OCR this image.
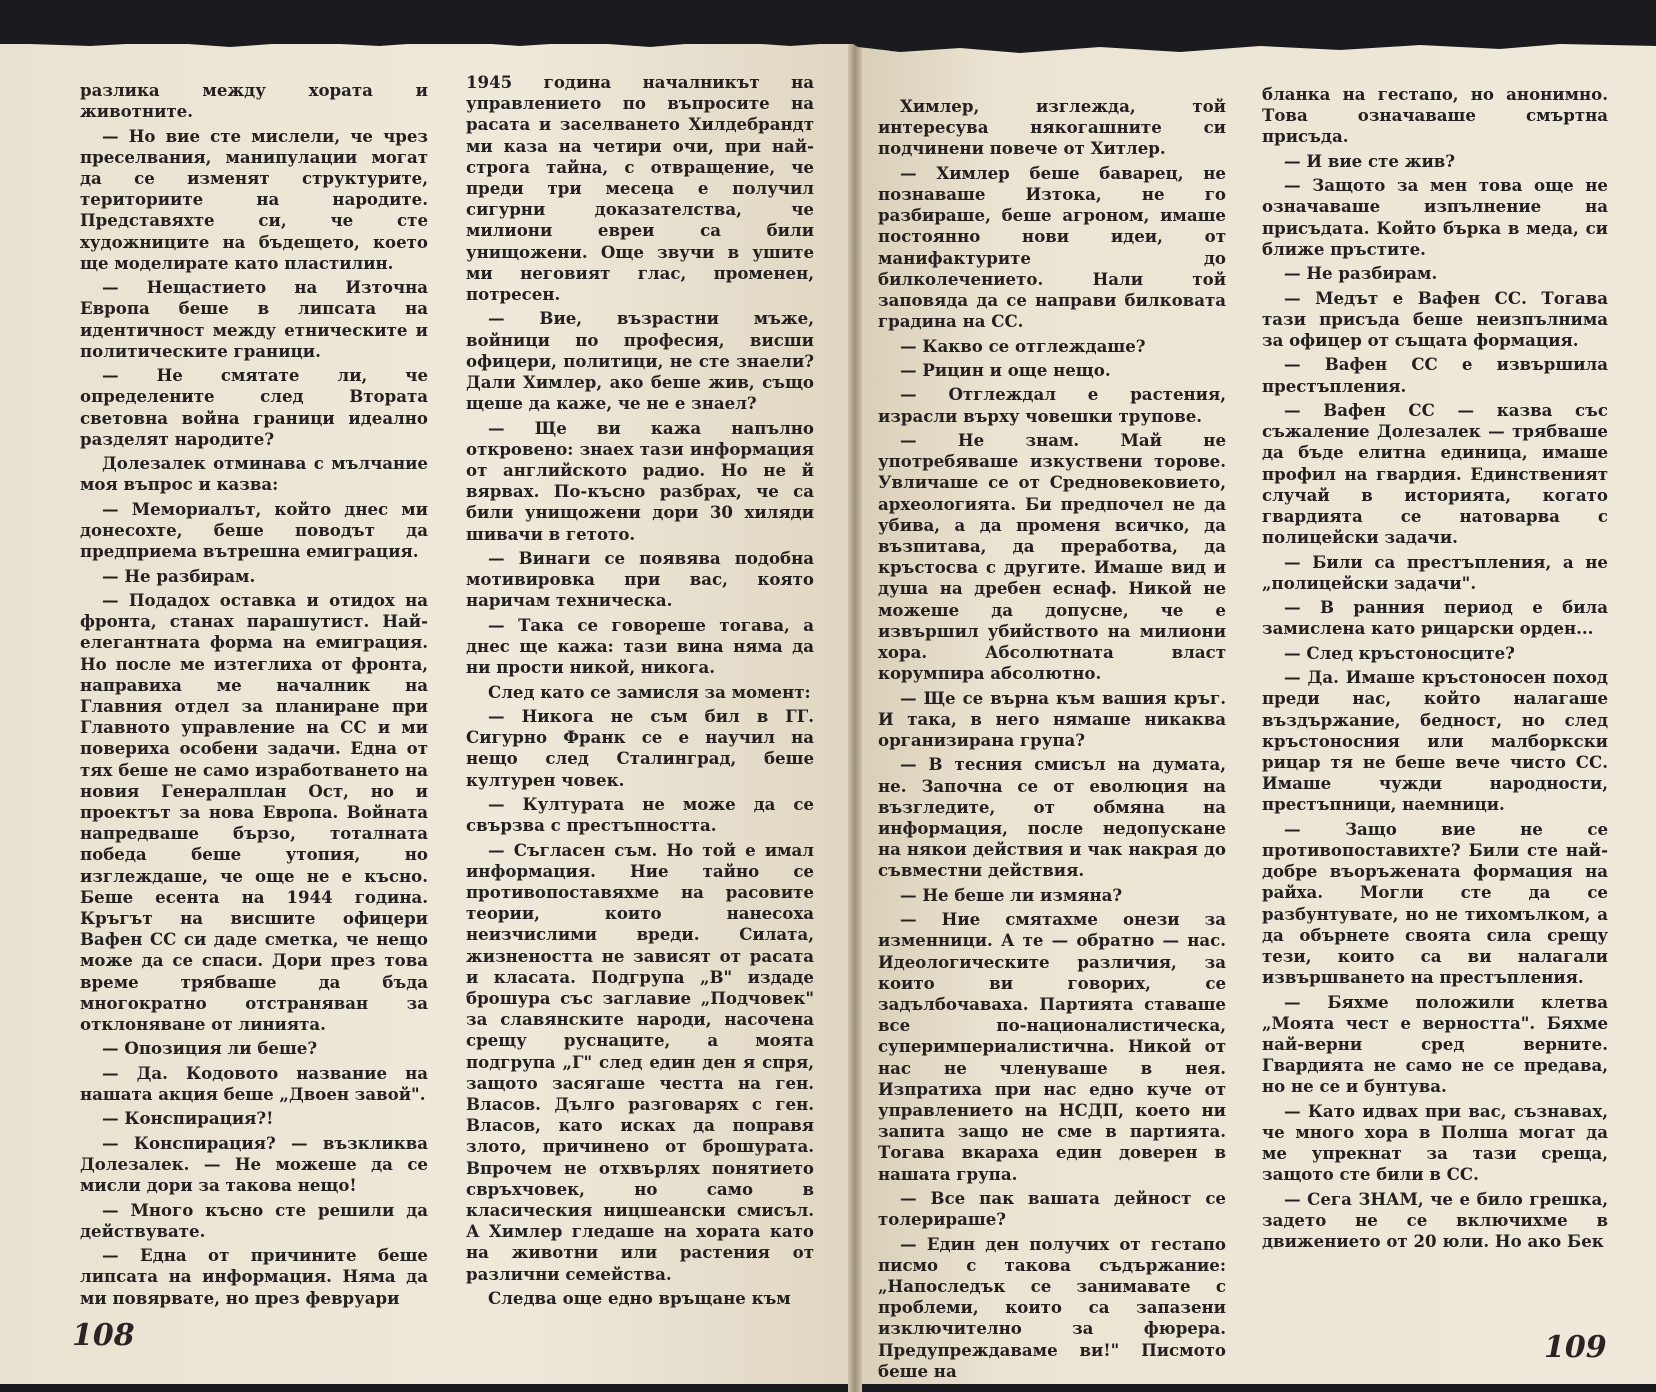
разлика между хората и животните.

— Но вие сте мислели, че чрез преселвания, манипулации могат да се изменят структурите, териториите на народите. Представяхте си, че сте художниците на бъдещето, което ще моделирате като пластилин.

— Нещастието на Източна Европа беше в липсата на идентичност между етническите и политическите граници.

— Не смятате ли, че определените след Втората световна война граници идеално разделят народите?

Долезалек отминава с мълчание моя въпрос и казва:

— Мемориалът, който днес ми донесохте, беше поводът да предприема вътрешна емиграция.

— Не разбирам.

— Подадох оставка и отидох на фронта, станах парашутист. Най-елегантната форма на емиграция. Но после ме изтеглиха от фронта, направиха ме началник на Главния отдел за планиране при Главното управление на СС и ми повериха особени задачи. Една от тях беше не само изработването на новия Генералплан Ост, но и проектът за нова Европа. Войната напредваше бързо, тоталната победа беше утопия, но изглеждаше, че още не е късно. Беше есента на 1944 година. Кръгът на висшите офицери Вафен СС си даде сметка, че нещо може да се спаси. Дори през това време трябваше да бъда многократно отстраняван за отклоняване от линията.

— Опозиция ли беше?

— Да. Кодовото название на нашата акция беше „Двоен завой".

— Конспирация?!

— Конспирация? — възкликва Долезалек. — Не можеше да се мисли дори за такова нещо!

— Много късно сте решили да действувате.

— Една от причините беше липсата на информация. Няма да ми повярвате, но през февруари

1945 година началникът на управлението по въпросите на расата и заселването Хилдебрандт ми каза на четири очи, при най-строга тайна, с отвращение, че преди три месеца е получил сигурни доказателства, че милиони евреи са били унищожени. Още звучи в ушите ми неговият глас, променен, потресен.

— Вие, възрастни мъже, войници по професия, висши офицери, политици, не сте знаели? Дали Химлер, ако беше жив, също щеше да каже, че не е знаел?

— Ще ви кажа напълно откровено: знаех тази информация от английското радио. Но не й вярвах. По-късно разбрах, че са били унищожени дори 30 хиляди шивачи в гетото.

— Винаги се появява подобна мотивировка при вас, която наричам техническа.

— Така се говореше тогава, а днес ще кажа: тази вина няма да ни прости никой, никога.

След като се замисля за момент:

— Никога не съм бил в ГГ. Сигурно Франк се е научил на нещо след Сталинград, беше културен човек.

— Културата не може да се свързва с престъпността.

— Съгласен съм. Но той е имал информация. Ние тайно се противопоставяхме на расовите теории, които нанесоха неизчислими вреди. Силата, жизнеността не зависят от расата и класата. Подгрупа „В" издаде брошура със заглавие „Подчовек" за славянските народи, насочена срещу руснаците, а моята подгрупа „Г" след един ден я спря, защото засягаше честта на ген. Власов. Дълго разговарях с ген. Власов, като исках да поправя злото, причинено от брошурата. Впрочем не отхвърлях понятието свръхчовек, но само в класическия ницшеански смисъл. А Химлер гледаше на хората като на животни или растения от различни семейства.

Следва още едно връщане към

Химлер, изглежда, той интересува някогашните си подчинени повече от Хитлер.

— Химлер беше баварец, не познаваше Изтока, не го разбираше, беше агроном, имаше постоянно нови идеи, от манифактурите до билколечението. Нали той заповяда да се направи билковата градина на СС.

— Какво се отглеждаше?

— Рицин и още нещо.

— Отглеждал е растения, израсли върху човешки трупове.

— Не знам. Май не употребяваше изкуствени торове. Увличаше се от Средновековието, археологията. Би предпочел не да убива, а да променя всичко, да възпитава, да преработва, да кръстосва с другите. Имаше вид и душа на дребен еснаф. Никой не можеше да допусне, че е извършил убийството на милиони хора. Абсолютната власт корумпира абсолютно.

— Ще се върна към вашия кръг. И така, в него нямаше никаква организирана група?

— В тесния смисъл на думата, не. Започна се от еволюция на възгледите, от обмяна на информация, после недопускане на някои действия и чак накрая до съвместни действия.

— Не беше ли измяна?

— Ние смятахме онези за изменници. А те — обратно — нас. Идеологическите различия, за които ви говорих, се задълбочаваха. Партията ставаше все по-националистическа, суперимпериалистична. Никой от нас не членуваше в нея. Изпратиха при нас едно куче от управлението на НСДП, което ни запита защо не сме в партията. Тогава вкараха един доверен в нашата група.

— Все пак вашата дейност се толерираше?

— Един ден получих от гестапо писмо с такова съдържание: „Напоследък се занимавате с проблеми, които са запазени изключително за фюрера. Предупреждаваме ви!" Писмото беше на

бланка на гестапо, но анонимно. Това означаваше смъртна присъда.

— И вие сте жив?

— Защото за мен това още не означаваше изпълнение на присъдата. Който бърка в меда, си ближе пръстите.

— Не разбирам.

— Медът е Вафен СС. Тогава тази присъда беше неизпълнима за офицер от същата формация.

— Вафен СС е извършила престъпления.

— Вафен СС — казва със съжаление Долезалек — трябваше да бъде елитна единица, имаше профил на гвардия. Единственият случай в историята, когато гвардията се натоварва с полицейски задачи.

— Били са престъпления, а не „полицейски задачи".

— В ранния период е била замислена като рицарски орден...

— След кръстоносците?

— Да. Имаше кръстоносен поход преди нас, който налагаше въздържание, бедност, но след кръстоносния или малборкски рицар тя не беше вече чисто СС. Имаше чужди народности, престъпници, наемници.

— Защо вие не се противопоставихте? Били сте най-добре въоръжената формация на райха. Могли сте да се разбунтувате, но не тихомълком, а да обърнете своята сила срещу тези, които са ви налагали извършването на престъпления.

— Бяхме положили клетва „Моята чест е верността". Бяхме най-верни сред верните. Гвардията не само не се предава, но не се и бунтува.

— Като идвах при вас, съзнавах, че много хора в Полша могат да ме упрекнат за тази среща, защото сте били в СС.

— Сега ЗНАМ, че е било грешка, задето не се включихме в движението от 20 юли. Но ако Бек

108	109
